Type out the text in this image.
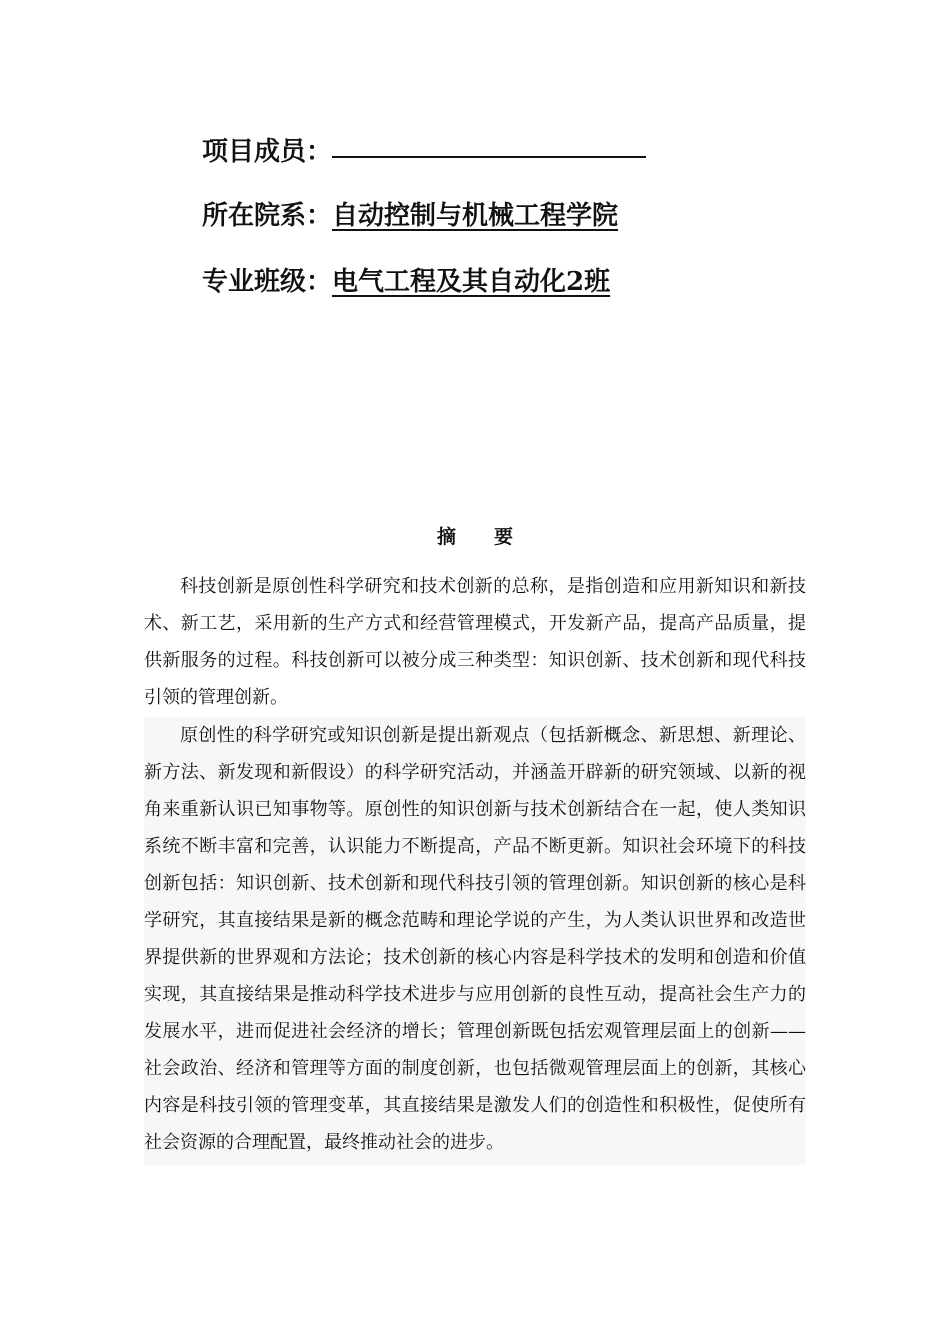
项目成员：
所在院系： 自动控制与机械工程学院
专业班级： 电气工程及其自动化2班
摘要

科技创新是原创性科学研究和技术创新的总称，是指创造和应用新知识和新技术、新工艺，采用新的生产方式和经营管理模式，开发新产品，提高产品质量，提供新服务的过程。科技创新可以被分成三种类型：知识创新、技术创新和现代科技引领的管理创新。

原创性的科学研究或知识创新是提出新观点（包括新概念、新思想、新理论、新方法、新发现和新假设）的科学研究活动，并涵盖开辟新的研究领域、以新的视角来重新认识已知事物等。原创性的知识创新与技术创新结合在一起，使人类知识系统不断丰富和完善，认识能力不断提高，产品不断更新。知识社会环境下的科技创新包括：知识创新、技术创新和现代科技引领的管理创新。知识创新的核心是科学研究，其直接结果是新的概念范畴和理论学说的产生，为人类认识世界和改造世界提供新的世界观和方法论；技术创新的核心内容是科学技术的发明和创造和价值实现，其直接结果是推动科学技术进步与应用创新的良性互动，提高社会生产力的发展水平，进而促进社会经济的增长；管理创新既包括宏观管理层面上的创新——社会政治、经济和管理等方面的制度创新，也包括微观管理层面上的创新，其核心内容是科技引领的管理变革，其直接结果是激发人们的创造性和积极性，促使所有社会资源的合理配置，最终推动社会的进步。
